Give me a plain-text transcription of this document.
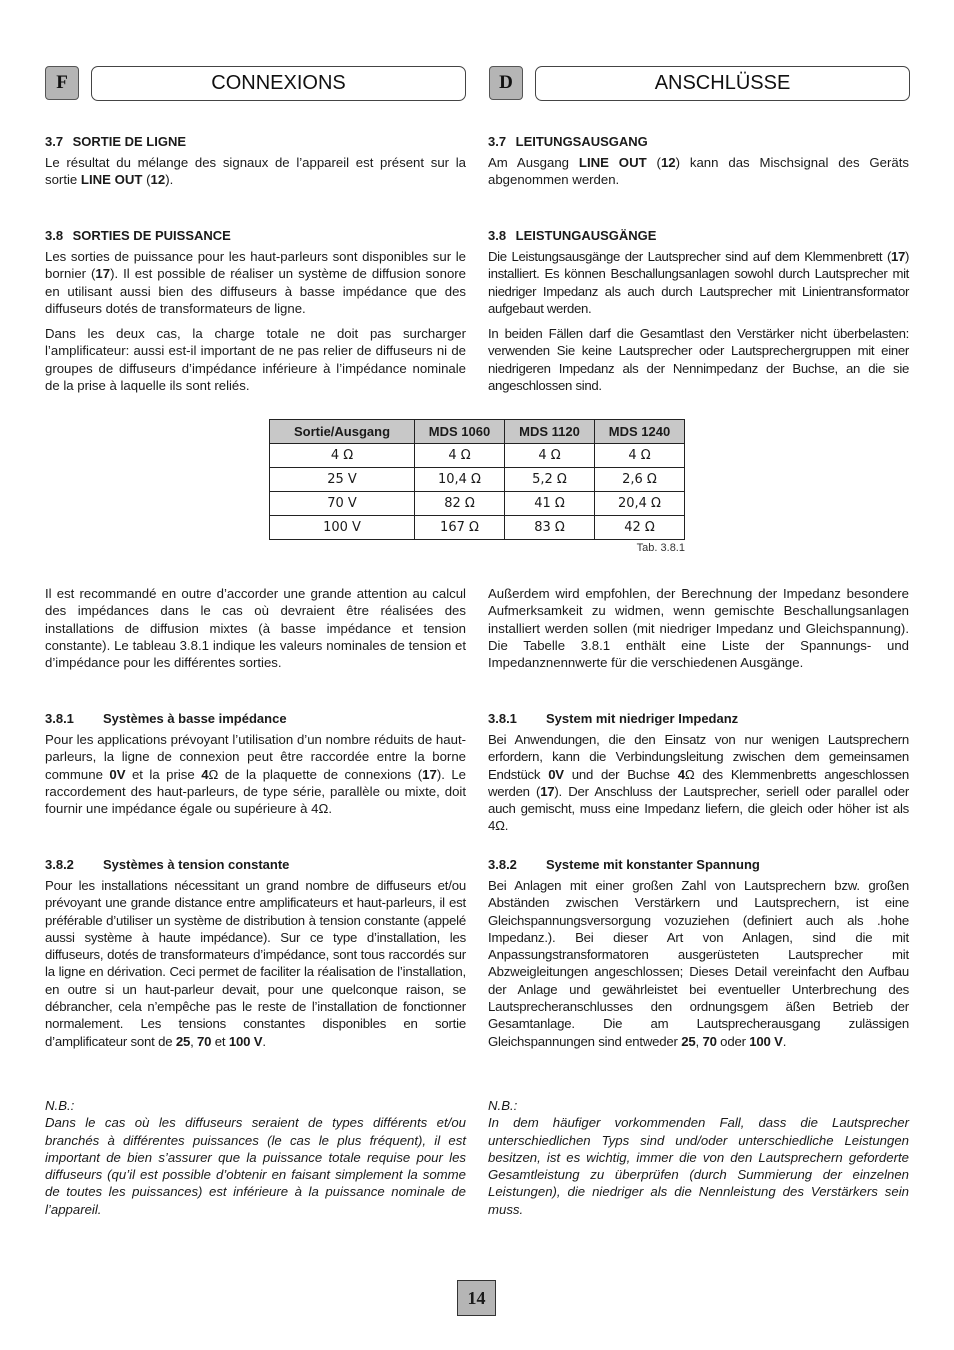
F	CONNEXIONS	D	ANSCHLÜSSE
3.7 SORTIE DE LIGNE

Le résultat du mélange des signaux de l’appareil est présent sur la sortie LINE OUT (12).

3.8 SORTIES DE PUISSANCE

Les sorties de puissance pour les haut-parleurs sont disponibles sur le bornier (17). Il est possible de réaliser un système de diffusion sonore en utilisant aussi bien des diffuseurs à basse impédance que des diffuseurs dotés de transformateurs de ligne.

Dans les deux cas, la charge totale ne doit pas surcharger l’amplificateur: aussi est-il important de ne pas relier de diffuseurs ni de groupes de diffuseurs d’impédance inférieure à l’impédance nominale de la prise à laquelle ils sont reliés.

3.7 LEITUNGSAUSGANG

Am Ausgang LINE OUT (12) kann das Mischsignal des Geräts abgenommen werden.

3.8 LEISTUNGAUSGÄNGE

Die Leistungsausgänge der Lautsprecher sind auf dem Klemmenbrett (17) installiert. Es können Beschallungsanlagen sowohl durch Lautsprecher mit niedriger Impedanz als auch durch Lautsprecher mit Linientransformator aufgebaut werden.

In beiden Fällen darf die Gesamtlast den Verstärker nicht überbelasten: verwenden Sie keine Lautsprecher oder Lautsprechergruppen mit einer niedrigeren Impedanz als der Nennimpedanz der Buchse, an die sie angeschlossen sind.

Sortie/Ausgang	MDS 1060	MDS 1120	MDS 1240
4 Ω	4 Ω	4 Ω	4 Ω
25 V	10,4 Ω	5,2 Ω	2,6 Ω
70 V	82 Ω	41 Ω	20,4 Ω
100 V	167 Ω	83 Ω	42 Ω
Tab. 3.8.1

Il est recommandé en outre d’accorder une grande attention au calcul des impédances dans le cas où devraient être réalisées des installations de diffusion mixtes (à basse impédance et tension constante). Le tableau 3.8.1 indique les valeurs nominales de tension et d’impédance pour les différentes sorties.

3.8.1 Systèmes à basse impédance

Pour les applications prévoyant l’utilisation d’un nombre réduits de haut-parleurs, la ligne de connexion peut être raccordée entre la borne commune 0V et la prise 4Ω de la plaquette de connexions (17). Le raccordement des haut-parleurs, de type série, parallèle ou mixte, doit fournir une impédance égale ou supérieure à 4Ω.

3.8.2 Systèmes à tension constante

Pour les installations nécessitant un grand nombre de diffuseurs et/ou prévoyant une grande distance entre amplificateurs et haut-parleurs, il est préférable d’utiliser un système de distribution à tension constante (appelé aussi système à haute impédance). Sur ce type d’installation, les diffuseurs, dotés de transformateurs d’impédance, sont tous raccordés sur la ligne en dérivation. Ceci permet de faciliter la réalisation de l’installation, en outre si un haut-parleur devait, pour une quelconque raison, se débrancher, cela n’empêche pas le reste de l’installation de fonctionner normalement. Les tensions constantes disponibles en sortie d’amplificateur sont de 25, 70 et 100 V.

N.B.:

Dans le cas où les diffuseurs seraient de types différents et/ou branchés à différentes puissances (le cas le plus fréquent), il est important de bien s’assurer que la puissance totale requise pour les diffuseurs (qu’il est possible d’obtenir en faisant simplement la somme de toutes les puissances) est inférieure à la puissance nominale de l’appareil.

Außerdem wird empfohlen, der Berechnung der Impedanz besondere Aufmerksamkeit zu widmen, wenn gemischte Beschallungsanlagen installiert werden sollen (mit niedriger Impedanz und Gleichspannung). Die Tabelle 3.8.1 enthält eine Liste der Spannungs- und Impedanznennwerte für die verschiedenen Ausgänge.

3.8.1 System mit niedriger Impedanz

Bei Anwendungen, die den Einsatz von nur wenigen Lautsprechern erfordern, kann die Verbindungsleitung zwischen dem gemeinsamen Endstück 0V und der Buchse 4Ω des Klemmenbretts angeschlossen werden (17). Der Anschluss der Lautsprecher, seriell oder parallel oder auch gemischt, muss eine Impedanz liefern, die gleich oder höher ist als 4Ω.

3.8.2 Systeme mit konstanter Spannung

Bei Anlagen mit einer großen Zahl von Lautsprechern bzw. großen Abständen zwischen Verstärkern und Lautsprechern, ist eine Gleichspannungsversorgung vozuziehen (definiert auch als .hohe Impedanz.). Bei dieser Art von Anlagen, sind die mit Anpassungstransformatoren ausgerüsteten Lautsprecher mit Abzweigleitungen angeschlossen; Dieses Detail vereinfacht den Aufbau der Anlage und gewährleistet bei eventueller Unterbrechung des Lautsprecheranschlusses den ordnungsgem äßen Betrieb der Gesamtanlage. Die am Lautsprecherausgang zulässigen Gleichspannungen sind entweder 25, 70 oder 100 V.

N.B.:

In dem häufiger vorkommenden Fall, dass die Lautsprecher unterschiedlichen Typs sind und/oder unterschiedliche Leistungen besitzen, ist es wichtig, immer die von den Lautsprechern geforderte Gesamtleistung zu überprüfen (durch Summierung der einzelnen Leistungen), die niedriger als die Nennleistung des Verstärkers sein muss.

14
